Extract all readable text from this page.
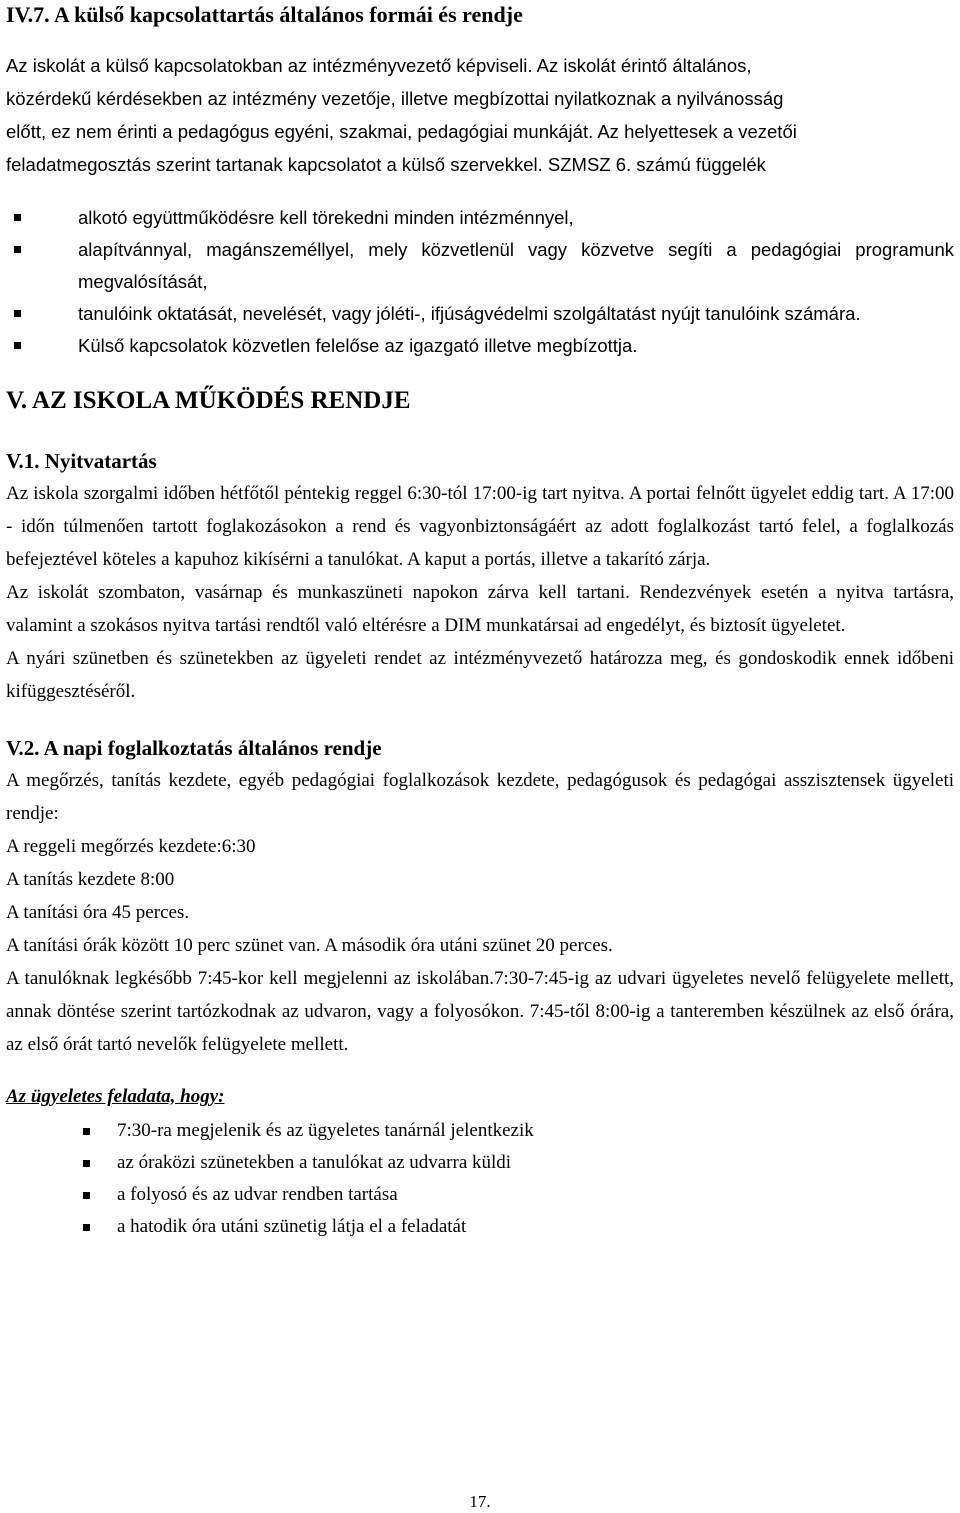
IV.7. A külső kapcsolattartás általános formái és rendje

Az iskolát a külső kapcsolatokban az intézményvezető képviseli. Az iskolát érintő általános,

közérdekű kérdésekben az intézmény vezetője, illetve megbízottai nyilatkoznak a nyilvánosság

előtt, ez nem érinti a pedagógus egyéni, szakmai, pedagógiai munkáját. Az helyettesek a vezetői

feladatmegosztás szerint tartanak kapcsolatot a külső szervekkel. SZMSZ 6. számú függelék

alkotó együttműködésre kell törekedni minden intézménnyel,
alapítvánnyal, magánszeméllyel, mely közvetlenül vagy közvetve segíti a pedagógiai programunk megvalósítását,
tanulóink oktatását, nevelését, vagy jóléti-, ifjúságvédelmi szolgáltatást nyújt tanulóink számára.
Külső kapcsolatok közvetlen felelőse az igazgató illetve megbízottja.
V. AZ ISKOLA MŰKÖDÉS RENDJE
V.1. Nyitvatartás

Az iskola szorgalmi időben hétfőtől péntekig reggel 6:30-tól 17:00-ig tart nyitva. A portai felnőtt ügyelet eddig tart. A 17:00 - időn túlmenően tartott foglakozásokon a rend és vagyonbiztonságáért az adott foglalkozást tartó felel, a foglalkozás befejeztével köteles a kapuhoz kikísérni a tanulókat. A kaput a portás, illetve a takarító zárja.

Az iskolát szombaton, vasárnap és munkaszüneti napokon zárva kell tartani. Rendezvények esetén a nyitva tartásra, valamint a szokásos nyitva tartási rendtől való eltérésre a DIM munkatársai ad engedélyt, és biztosít ügyeletet.

A nyári szünetben és szünetekben az ügyeleti rendet az intézményvezető határozza meg, és gondoskodik ennek időbeni kifüggesztéséről.

V.2. A napi foglalkoztatás általános rendje

A megőrzés, tanítás kezdete, egyéb pedagógiai foglalkozások kezdete, pedagógusok és pedagógai asszisztensek ügyeleti rendje:

A reggeli megőrzés kezdete:6:30

A tanítás kezdete 8:00

A tanítási óra 45 perces.

A tanítási órák között 10 perc szünet van. A második óra utáni szünet 20 perces.

A tanulóknak legkésőbb 7:45-kor kell megjelenni az iskolában.7:30-7:45-ig az udvari ügyeletes nevelő felügyelete mellett, annak döntése szerint tartózkodnak az udvaron, vagy a folyosókon. 7:45-től 8:00-ig a tanteremben készülnek az első órára, az első órát tartó nevelők felügyelete mellett.

Az ügyeletes feladata, hogy:

7:30-ra megjelenik és az ügyeletes tanárnál jelentkezik
az óraközi szünetekben a tanulókat az udvarra küldi
a folyosó és az udvar rendben tartása
a hatodik óra utáni szünetig látja el a feladatát
17.
